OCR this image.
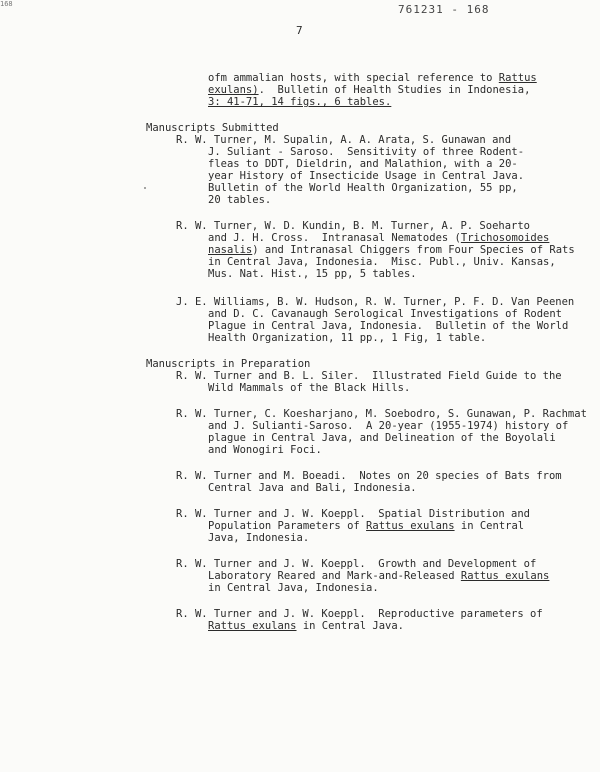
168	761231 - 168
7
ofm ammalian hosts, with special reference to Rattus
exulans).  Bulletin of Health Studies in Indonesia,
3: 41-71, 14 figs., 6 tables.
Manuscripts Submitted
R. W. Turner, M. Supalin, A. A. Arata, S. Gunawan and
J. Suliant - Saroso.  Sensitivity of three Rodent-
fleas to DDT, Dieldrin, and Malathion, with a 20-
year History of Insecticide Usage in Central Java.
Bulletin of the World Health Organization, 55 pp,
20 tables.
R. W. Turner, W. D. Kundin, B. M. Turner, A. P. Soeharto
and J. H. Cross.  Intranasal Nematodes (Trichosomoides
nasalis) and Intranasal Chiggers from Four Species of Rats
in Central Java, Indonesia.  Misc. Publ., Univ. Kansas,
Mus. Nat. Hist., 15 pp, 5 tables.
J. E. Williams, B. W. Hudson, R. W. Turner, P. F. D. Van Peenen
and D. C. Cavanaugh Serological Investigations of Rodent
Plague in Central Java, Indonesia.  Bulletin of the World
Health Organization, 11 pp., 1 Fig, 1 table.
Manuscripts in Preparation
R. W. Turner and B. L. Siler.  Illustrated Field Guide to the
Wild Mammals of the Black Hills.
R. W. Turner, C. Koesharjano, M. Soebodro, S. Gunawan, P. Rachmat
and J. Sulianti-Saroso.  A 20-year (1955-1974) history of
plague in Central Java, and Delineation of the Boyolali
and Wonogiri Foci.
R. W. Turner and M. Boeadi.  Notes on 20 species of Bats from
Central Java and Bali, Indonesia.
R. W. Turner and J. W. Koeppl.  Spatial Distribution and
Population Parameters of Rattus exulans in Central
Java, Indonesia.
R. W. Turner and J. W. Koeppl.  Growth and Development of
Laboratory Reared and Mark-and-Released Rattus exulans
in Central Java, Indonesia.
R. W. Turner and J. W. Koeppl.  Reproductive parameters of
Rattus exulans in Central Java.
